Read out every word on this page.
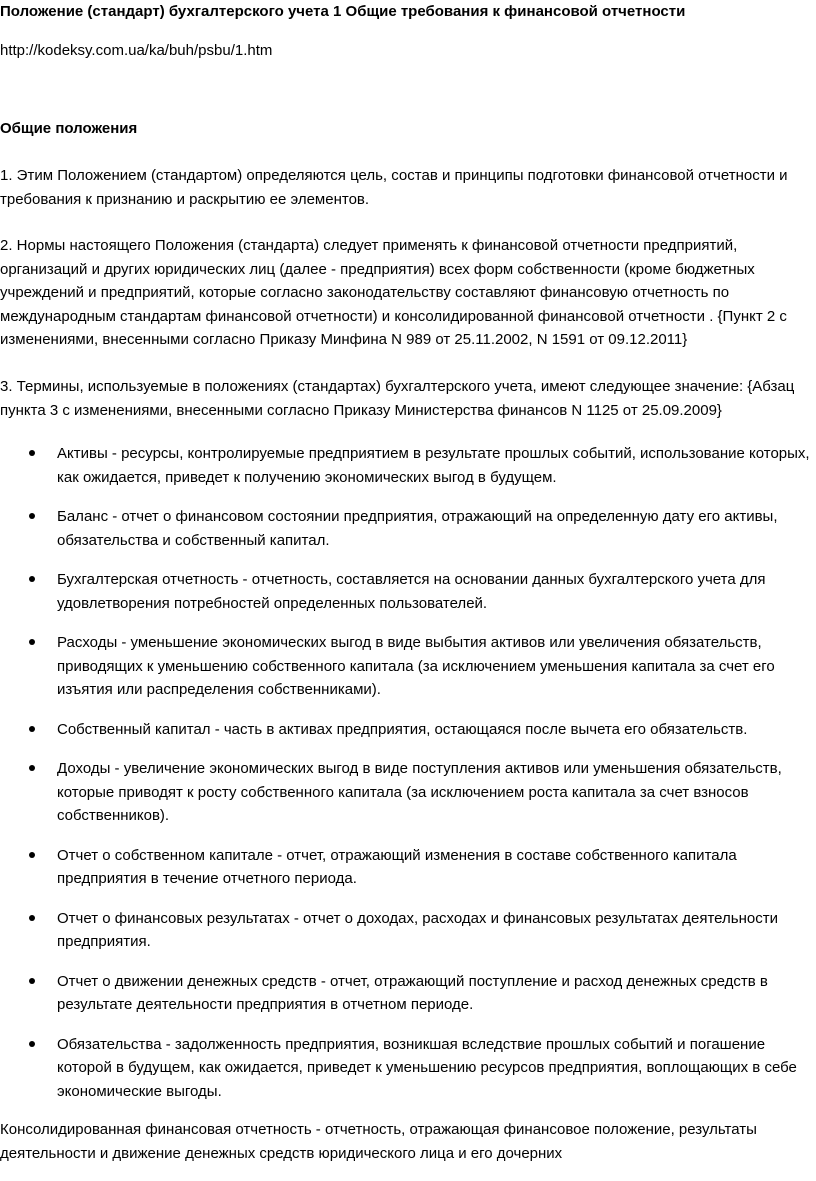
Положение (стандарт) бухгалтерского учета 1 Общие требования к финансовой отчетности
http://kodeksy.com.ua/ka/buh/psbu/1.htm
Общие положения

1. Этим Положением (стандартом) определяются цель, состав и принципы подготовки финансовой отчетности и требования к признанию и раскрытию ее элементов.

2. Нормы настоящего Положения (стандарта) следует применять к финансовой отчетности предприятий, организаций и других юридических лиц (далее - предприятия) всех форм собственности (кроме бюджетных учреждений и предприятий, которые согласно законодательству составляют финансовую отчетность по международным стандартам финансовой отчетности) и консолидированной финансовой отчетности . {Пункт 2 с изменениями, внесенными согласно Приказу Минфина N 989 от 25.11.2002, N 1591 от 09.12.2011}

3. Термины, используемые в положениях (стандартах) бухгалтерского учета, имеют следующее значение: {Абзац пункта 3 с изменениями, внесенными согласно Приказу Министерства финансов N 1125 от 25.09.2009}

Активы - ресурсы, контролируемые предприятием в результате прошлых событий, использование которых, как ожидается, приведет к получению экономических выгод в будущем.
Баланс - отчет о финансовом состоянии предприятия, отражающий на определенную дату его активы, обязательства и собственный капитал.
Бухгалтерская отчетность - отчетность, составляется на основании данных бухгалтерского учета для удовлетворения потребностей определенных пользователей.
Расходы - уменьшение экономических выгод в виде выбытия активов или увеличения обязательств, приводящих к уменьшению собственного капитала (за исключением уменьшения капитала за счет его изъятия или распределения собственниками).
Собственный капитал - часть в активах предприятия, остающаяся после вычета его обязательств.
Доходы - увеличение экономических выгод в виде поступления активов или уменьшения обязательств, которые приводят к росту собственного капитала (за исключением роста капитала за счет взносов собственников).
Отчет о собственном капитале - отчет, отражающий изменения в составе собственного капитала предприятия в течение отчетного периода.
Отчет о финансовых результатах - отчет о доходах, расходах и финансовых результатах деятельности предприятия.
Отчет о движении денежных средств - отчет, отражающий поступление и расход денежных средств в результате деятельности предприятия в отчетном периоде.
Обязательства - задолженность предприятия, возникшая вследствие прошлых событий и погашение которой в будущем, как ожидается, приведет к уменьшению ресурсов предприятия, воплощающих в себе экономические выгоды.

Консолидированная финансовая отчетность - отчетность, отражающая финансовое положение, результаты деятельности и движение денежных средств юридического лица и его дочерних
